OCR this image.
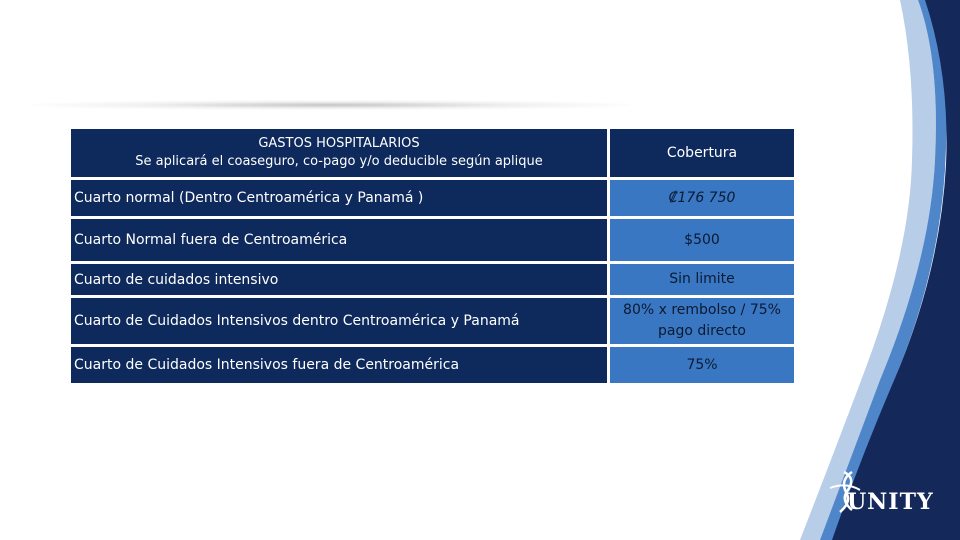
GASTOS HOSPITALARIOS
Se aplicará el coaseguro, co-pago y/o deducible según aplique	Cobertura
Cuarto normal (Dentro Centroamérica y Panamá )	₡176 750
Cuarto Normal fuera de Centroamérica	$500
Cuarto de cuidados intensivo	Sin limite
Cuarto de Cuidados Intensivos dentro Centroamérica y Panamá	80% x rembolso / 75%
pago directo

Cuarto de Cuidados Intensivos fuera de Centroamérica	75%
UNITY
